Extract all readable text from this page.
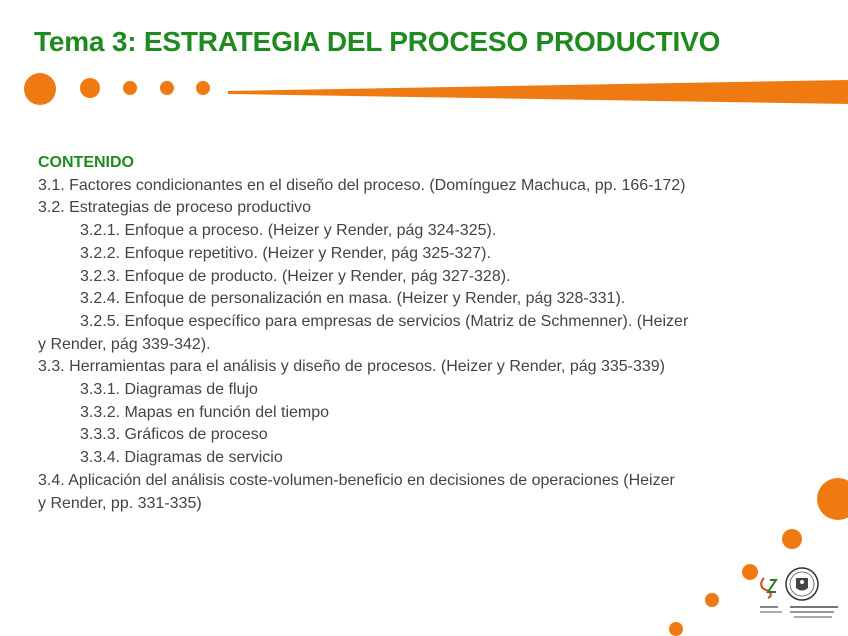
Tema 3: ESTRATEGIA DEL PROCESO PRODUCTIVO
CONTENIDO
3.1. Factores condicionantes en el diseño del proceso. (Domínguez Machuca, pp. 166-172)
3.2. Estrategias de proceso productivo
3.2.1. Enfoque a proceso. (Heizer y Render, pág 324-325).
3.2.2. Enfoque repetitivo. (Heizer y Render, pág 325-327).
3.2.3. Enfoque de producto. (Heizer y Render, pág 327-328).
3.2.4. Enfoque de personalización en masa. (Heizer y Render, pág 328-331).
3.2.5. Enfoque específico para empresas de servicios (Matriz de Schmenner). (Heizer
y Render, pág 339-342).
3.3. Herramientas para el análisis y diseño de procesos. (Heizer y Render, pág 335-339)
3.3.1. Diagramas de flujo
3.3.2. Mapas en función del tiempo
3.3.3. Gráficos de proceso
3.3.4. Diagramas de servicio
3.4. Aplicación del análisis coste-volumen-beneficio en decisiones de operaciones (Heizer
y Render, pp. 331-335)
